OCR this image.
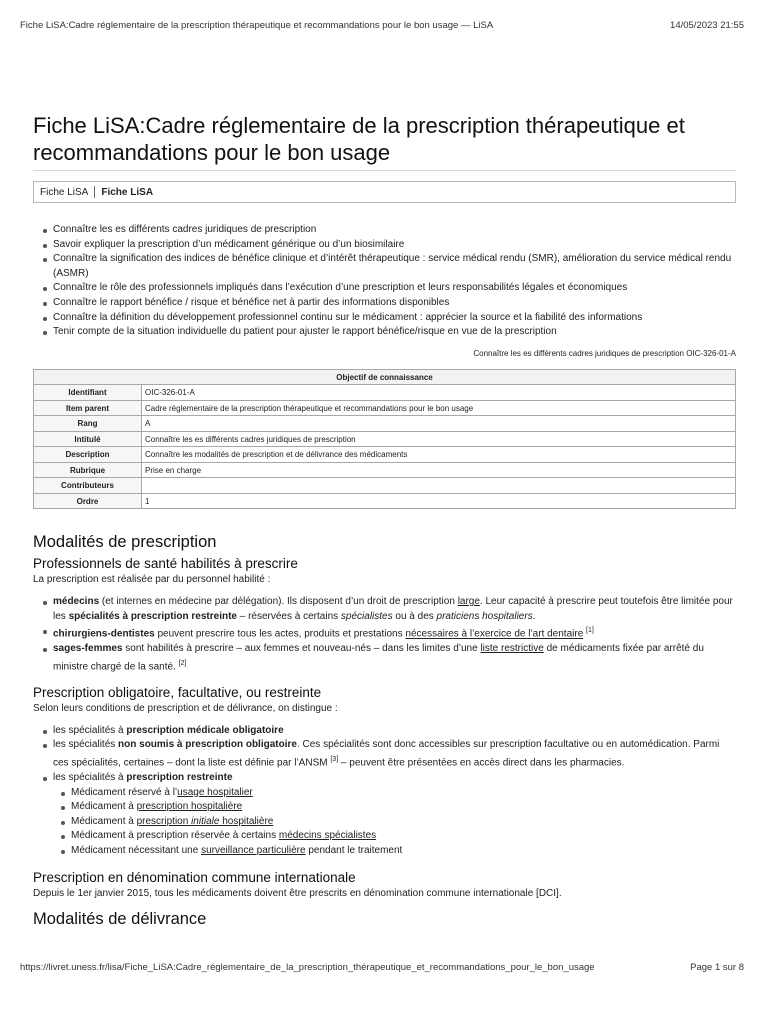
Fiche LiSA:Cadre réglementaire de la prescription thérapeutique et recommandations pour le bon usage — LiSA	14/05/2023 21:55
Fiche LiSA:Cadre réglementaire de la prescription thérapeutique et recommandations pour le bon usage
Fiche LiSA Fiche LiSA
Connaître les es différents cadres juridiques de prescription
Savoir expliquer la prescription d’un médicament générique ou d’un biosimilaire
Connaître la signification des indices de bénéfice clinique et d’intérêt thérapeutique : service médical rendu (SMR), amélioration du service médical rendu (ASMR)
Connaître le rôle des professionnels impliqués dans l’exécution d’une prescription et leurs responsabilités légales et économiques
Connaître le rapport bénéfice / risque et bénéfice net à partir des informations disponibles
Connaître la définition du développement professionnel continu sur le médicament : apprécier la source et la fiabilité des informations
Tenir compte de la situation individuelle du patient pour ajuster le rapport bénéfice/risque en vue de la prescription
Connaître les es différents cadres juridiques de prescription OIC-326-01-A
Objectif de connaissance	
Identifiant	OIC-326-01-A
Item parent	Cadre réglementaire de la prescription thérapeutique et recommandations pour le bon usage
Rang	A
Intitulé	Connaître les es différents cadres juridiques de prescription
Description	Connaître les modalités de prescription et de délivrance des médicaments
Rubrique	Prise en charge
Contributeurs	
Ordre	1
Modalités de prescription
Professionnels de santé habilités à prescrire

La prescription est réalisée par du personnel habilité :

médecins (et internes en médecine par délégation). Ils disposent d’un droit de prescription large. Leur capacité à prescrire peut toutefois être limitée pour les spécialités à prescription restreinte – réservées à certains spécialistes ou à des praticiens hospitaliers.
chirurgiens-dentistes peuvent prescrire tous les actes, produits et prestations nécessaires à l’exercice de l’art dentaire [1]
sages-femmes sont habilités à prescrire – aux femmes et nouveau-nés – dans les limites d’une liste restrictive de médicaments fixée par arrêté du ministre chargé de la santé. [2]
Prescription obligatoire, facultative, ou restreinte

Selon leurs conditions de prescription et de délivrance, on distingue :

les spécialités à prescription médicale obligatoire
les spécialités non soumis à prescription obligatoire. Ces spécialités sont donc accessibles sur prescription facultative ou en automédication. Parmi ces spécialités, certaines – dont la liste est définie par l’ANSM [3] – peuvent être présentées en accès direct dans les pharmacies.
les spécialités à prescription restreinte
Médicament réservé à l’usage hospitalier
Médicament à prescription hospitalière
Médicament à prescription initiale hospitalière
Médicament à prescription réservée à certains médecins spécialistes
Médicament nécessitant une surveillance particulière pendant le traitement
Prescription en dénomination commune internationale

Depuis le 1er janvier 2015, tous les médicaments doivent être prescrits en dénomination commune internationale [DCI].

Modalités de délivrance
https://livret.uness.fr/lisa/Fiche_LiSA:Cadre_réglementaire_de_la_prescription_thérapeutique_et_recommandations_pour_le_bon_usage	Page 1 sur 8
